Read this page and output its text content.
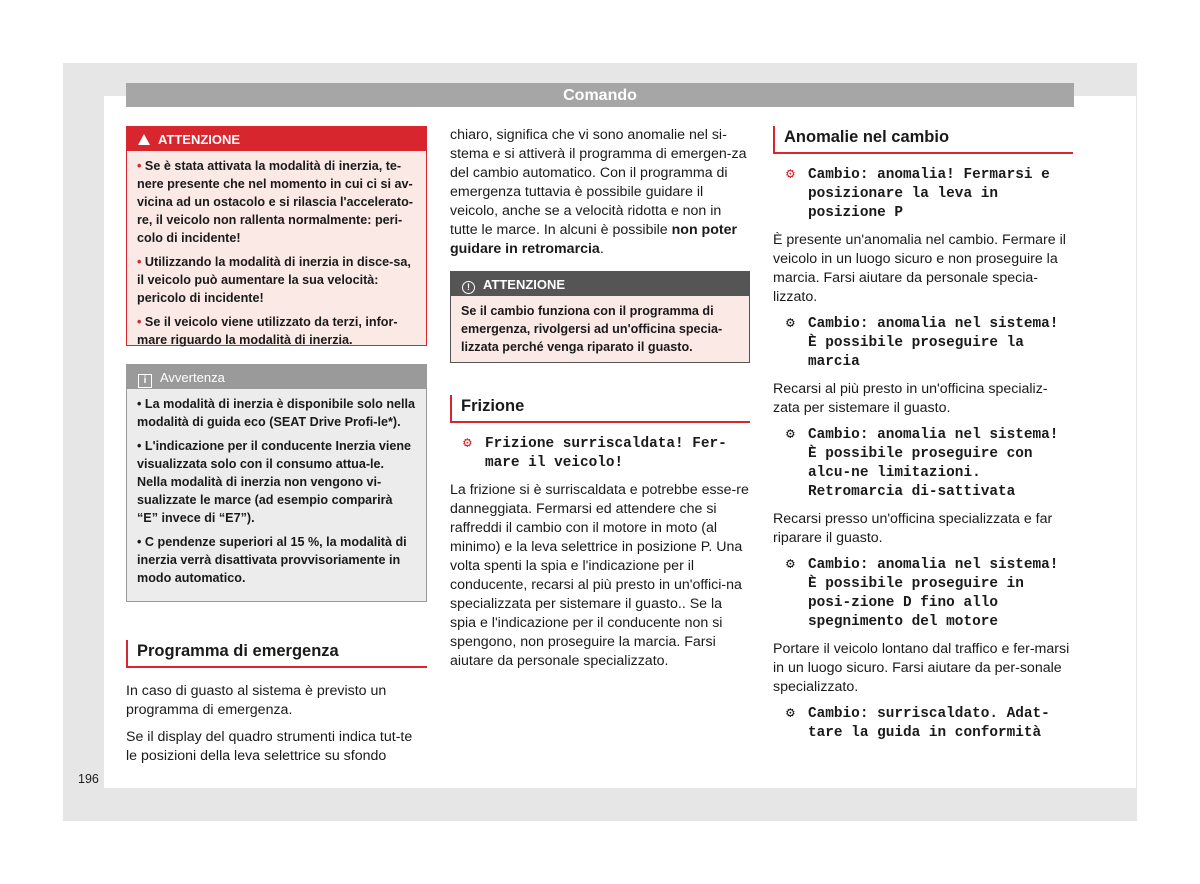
Comando
ATTENZIONE

• Se è stata attivata la modalità di inerzia, te-nere presente che nel momento in cui ci si av-vicina ad un ostacolo e si rilascia l'accelerato-re, il veicolo non rallenta normalmente: peri-colo di incidente!

• Utilizzando la modalità di inerzia in disce-sa, il veicolo può aumentare la sua velocità: pericolo di incidente!

• Se il veicolo viene utilizzato da terzi, infor-mare riguardo la modalità di inerzia.

i Avvertenza

• La modalità di inerzia è disponibile solo nella modalità di guida eco (SEAT Drive Profi-le*).

• L'indicazione per il conducente Inerzia viene visualizzata solo con il consumo attua-le. Nella modalità di inerzia non vengono vi-sualizzate le marce (ad esempio comparirà “E” invece di “E7”).

• C pendenze superiori al 15 %, la modalità di inerzia verrà disattivata provvisoriamente in modo automatico.

Programma di emergenza

In caso di guasto al sistema è previsto un programma di emergenza.

Se il display del quadro strumenti indica tut-te le posizioni della leva selettrice su sfondo

chiaro, significa che vi sono anomalie nel si-stema e si attiverà il programma di emergen-za del cambio automatico. Con il programma di emergenza tuttavia è possibile guidare il veicolo, anche se a velocità ridotta e non in tutte le marce. In alcuni è possibile non poter guidare in retromarcia.

! ATTENZIONE

Se il cambio funziona con il programma di emergenza, rivolgersi ad un'officina specia-lizzata perché venga riparato il guasto.

Frizione
⚙ Frizione surriscaldata! Fer-mare il veicolo!

La frizione si è surriscaldata e potrebbe esse-re danneggiata. Fermarsi ed attendere che si raffreddi il cambio con il motore in moto (al minimo) e la leva selettrice in posizione P. Una volta spenti la spia e l'indicazione per il conducente, recarsi al più presto in un'offici-na specializzata per sistemare il guasto.. Se la spia e l'indicazione per il conducente non si spengono, non proseguire la marcia. Farsi aiutare da personale specializzato.

Anomalie nel cambio
⚙ Cambio: anomalia! Fermarsi e posizionare la leva in posizione P

È presente un'anomalia nel cambio. Fermare il veicolo in un luogo sicuro e non proseguire la marcia. Farsi aiutare da personale specia-lizzato.

⚙ Cambio: anomalia nel sistema! È possibile proseguire la marcia

Recarsi al più presto in un'officina specializ-zata per sistemare il guasto.

⚙ Cambio: anomalia nel sistema! È possibile proseguire con alcu-ne limitazioni. Retromarcia di-sattivata

Recarsi presso un'officina specializzata e far riparare il guasto.

⚙ Cambio: anomalia nel sistema! È possibile proseguire in posi-zione D fino allo spegnimento del motore

Portare il veicolo lontano dal traffico e fer-marsi in un luogo sicuro. Farsi aiutare da per-sonale specializzato.

⚙ Cambio: surriscaldato. Adat-tare la guida in conformità
196
